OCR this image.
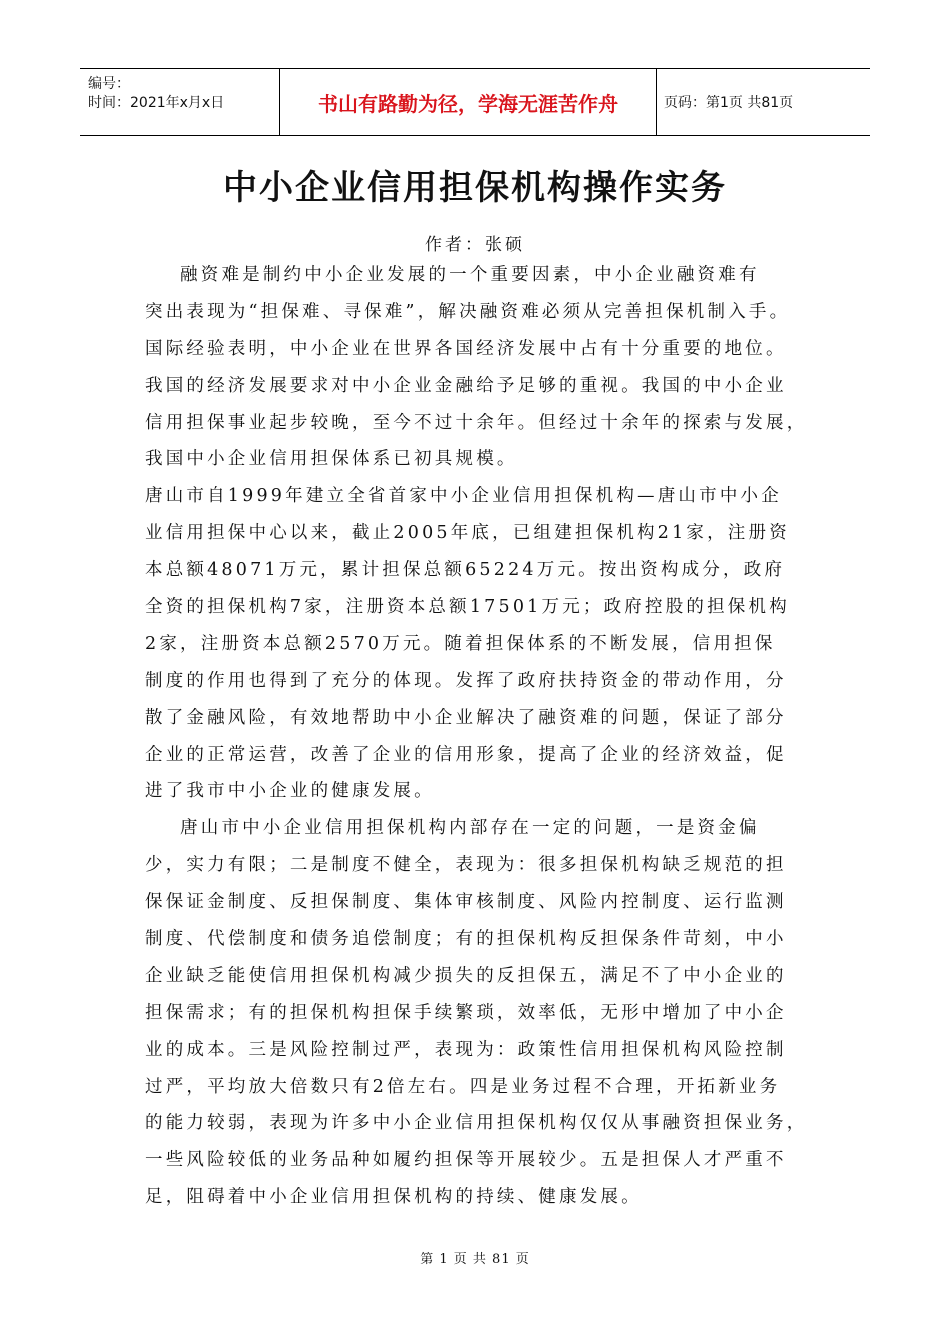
编号：
时间：2021年x月x日	书山有路勤为径，学海无涯苦作舟	页码：第1页 共81页
中小企业信用担保机构操作实务
作者：张硕
融资难是制约中小企业发展的一个重要因素，中小企业融资难有
突出表现为“担保难、寻保难”，解决融资难必须从完善担保机制入手。
国际经验表明，中小企业在世界各国经济发展中占有十分重要的地位。
我国的经济发展要求对中小企业金融给予足够的重视。我国的中小企业
信用担保事业起步较晚，至今不过十余年。但经过十余年的探索与发展，
我国中小企业信用担保体系已初具规模。
唐山市自1999年建立全省首家中小企业信用担保机构—唐山市中小企
业信用担保中心以来，截止2005年底，已组建担保机构21家，注册资
本总额48071万元，累计担保总额65224万元。按出资构成分，政府
全资的担保机构7家，注册资本总额17501万元；政府控股的担保机构
2家，注册资本总额2570万元。随着担保体系的不断发展，信用担保
制度的作用也得到了充分的体现。发挥了政府扶持资金的带动作用，分
散了金融风险，有效地帮助中小企业解决了融资难的问题，保证了部分
企业的正常运营，改善了企业的信用形象，提高了企业的经济效益，促
进了我市中小企业的健康发展。
唐山市中小企业信用担保机构内部存在一定的问题，一是资金偏
少，实力有限；二是制度不健全，表现为：很多担保机构缺乏规范的担
保保证金制度、反担保制度、集体审核制度、风险内控制度、运行监测
制度、代偿制度和债务追偿制度；有的担保机构反担保条件苛刻，中小
企业缺乏能使信用担保机构减少损失的反担保五，满足不了中小企业的
担保需求；有的担保机构担保手续繁琐，效率低，无形中增加了中小企
业的成本。三是风险控制过严，表现为：政策性信用担保机构风险控制
过严，平均放大倍数只有2倍左右。四是业务过程不合理，开拓新业务
的能力较弱，表现为许多中小企业信用担保机构仅仅从事融资担保业务，
一些风险较低的业务品种如履约担保等开展较少。五是担保人才严重不
足，阻碍着中小企业信用担保机构的持续、健康发展。
第 1 页 共 81 页
